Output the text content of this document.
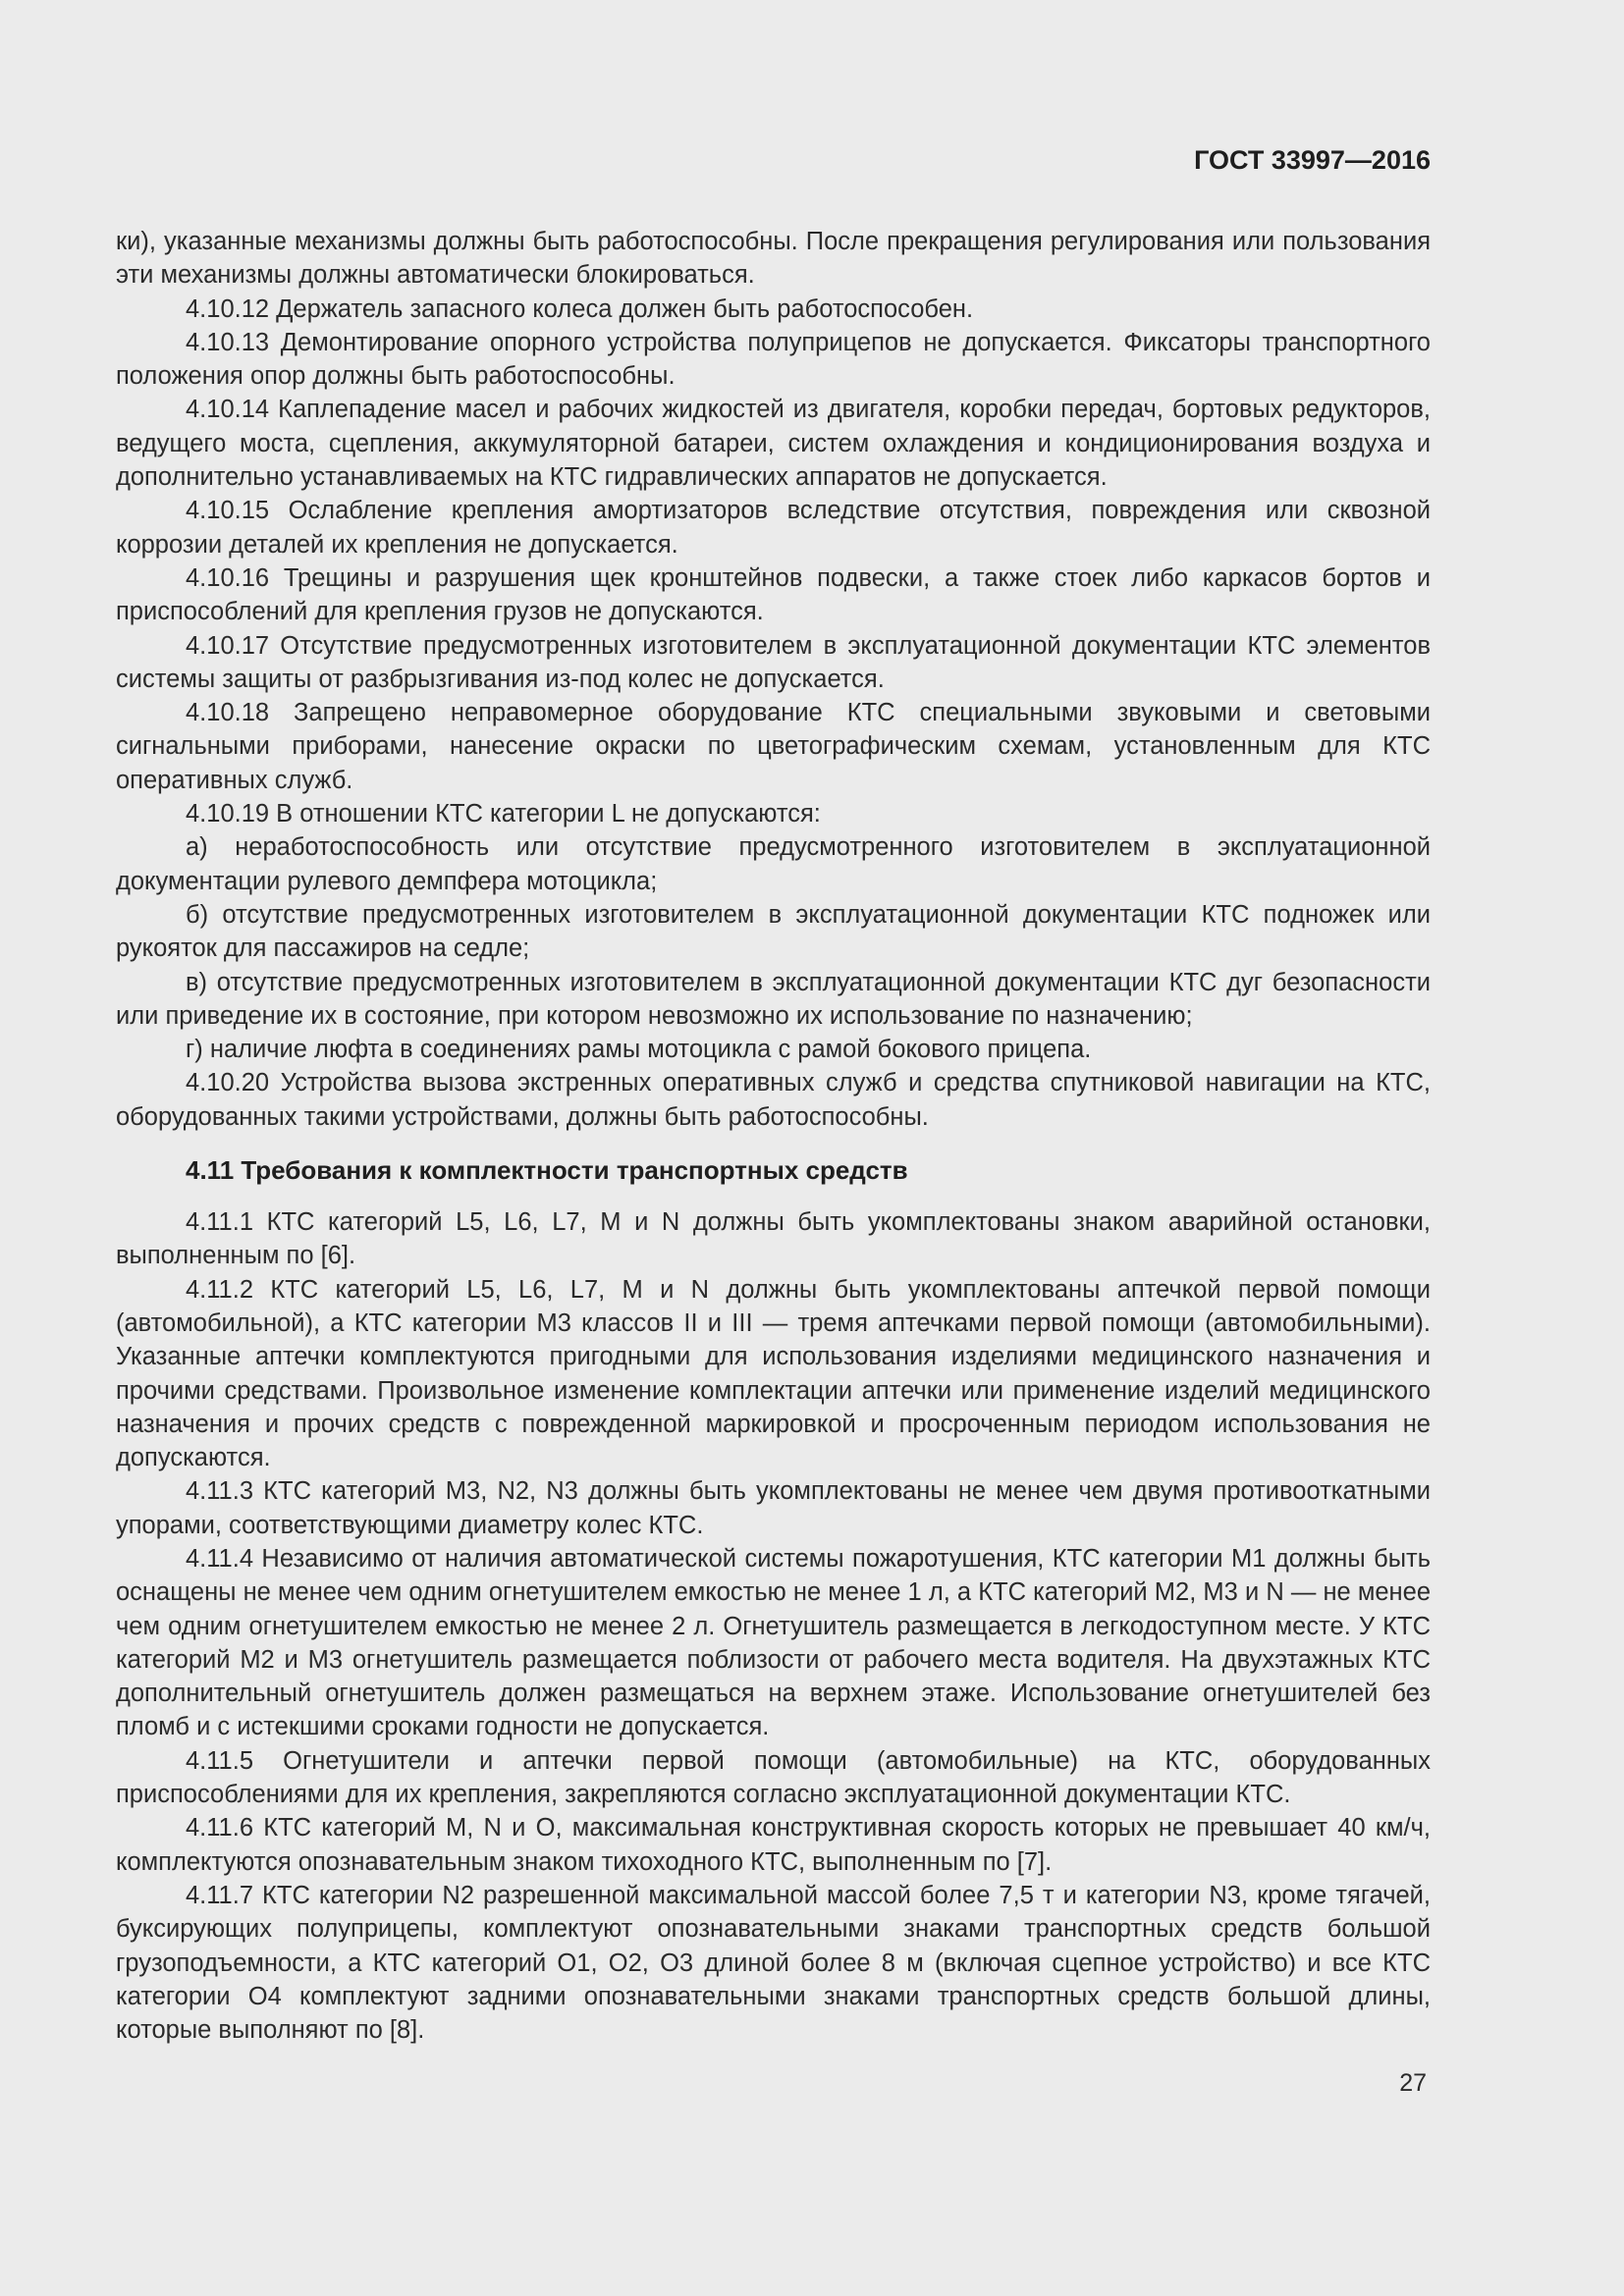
ГОСТ 33997—2016

ки), указанные механизмы должны быть работоспособны. После прекращения регулирования или пользования эти механизмы должны автоматически блокироваться.

4.10.12 Держатель запасного колеса должен быть работоспособен.

4.10.13 Демонтирование опорного устройства полуприцепов не допускается. Фиксаторы транспортного положения опор должны быть работоспособны.

4.10.14 Каплепадение масел и рабочих жидкостей из двигателя, коробки передач, бортовых редукторов, ведущего моста, сцепления, аккумуляторной батареи, систем охлаждения и кондиционирования воздуха и дополнительно устанавливаемых на КТС гидравлических аппаратов не допускается.

4.10.15 Ослабление крепления амортизаторов вследствие отсутствия, повреждения или сквозной коррозии деталей их крепления не допускается.

4.10.16 Трещины и разрушения щек кронштейнов подвески, а также стоек либо каркасов бортов и приспособлений для крепления грузов не допускаются.

4.10.17 Отсутствие предусмотренных изготовителем в эксплуатационной документации КТС элементов системы защиты от разбрызгивания из-под колес не допускается.

4.10.18 Запрещено неправомерное оборудование КТС специальными звуковыми и световыми сигнальными приборами, нанесение окраски по цветографическим схемам, установленным для КТС оперативных служб.

4.10.19 В отношении КТС категории L не допускаются:

а) неработоспособность или отсутствие предусмотренного изготовителем в эксплуатационной документации рулевого демпфера мотоцикла;

б) отсутствие предусмотренных изготовителем в эксплуатационной документации КТС подножек или рукояток для пассажиров на седле;

в) отсутствие предусмотренных изготовителем в эксплуатационной документации КТС дуг безопасности или приведение их в состояние, при котором невозможно их использование по назначению;

г) наличие люфта в соединениях рамы мотоцикла с рамой бокового прицепа.

4.10.20 Устройства вызова экстренных оперативных служб и средства спутниковой навигации на КТС, оборудованных такими устройствами, должны быть работоспособны.

4.11 Требования к комплектности транспортных средств

4.11.1 КТС категорий L5, L6, L7, M и N должны быть укомплектованы знаком аварийной остановки, выполненным по [6].

4.11.2 КТС категорий L5, L6, L7, M и N должны быть укомплектованы аптечкой первой помощи (автомобильной), а КТС категории М3 классов II и III — тремя аптечками первой помощи (автомобильными). Указанные аптечки комплектуются пригодными для использования изделиями медицинского назначения и прочими средствами. Произвольное изменение комплектации аптечки или применение изделий медицинского назначения и прочих средств с поврежденной маркировкой и просроченным периодом использования не допускаются.

4.11.3 КТС категорий М3, N2, N3 должны быть укомплектованы не менее чем двумя противооткатными упорами, соответствующими диаметру колес КТС.

4.11.4 Независимо от наличия автоматической системы пожаротушения, КТС категории М1 должны быть оснащены не менее чем одним огнетушителем емкостью не менее 1 л, а КТС категорий М2, М3 и N — не менее чем одним огнетушителем емкостью не менее 2 л. Огнетушитель размещается в легкодоступном месте. У КТС категорий М2 и М3 огнетушитель размещается поблизости от рабочего места водителя. На двухэтажных КТС дополнительный огнетушитель должен размещаться на верхнем этаже. Использование огнетушителей без пломб и с истекшими сроками годности не допускается.

4.11.5 Огнетушители и аптечки первой помощи (автомобильные) на КТС, оборудованных приспособлениями для их крепления, закрепляются согласно эксплуатационной документации КТС.

4.11.6 КТС категорий M, N и O, максимальная конструктивная скорость которых не превышает 40 км/ч, комплектуются опознавательным знаком тихоходного КТС, выполненным по [7].

4.11.7 КТС категории N2 разрешенной максимальной массой более 7,5 т и категории N3, кроме тягачей, буксирующих полуприцепы, комплектуют опознавательными знаками транспортных средств большой грузоподъемности, а КТС категорий O1, O2, O3 длиной более 8 м (включая сцепное устройство) и все КТС категории O4 комплектуют задними опознавательными знаками транспортных средств большой длины, которые выполняют по [8].

27
